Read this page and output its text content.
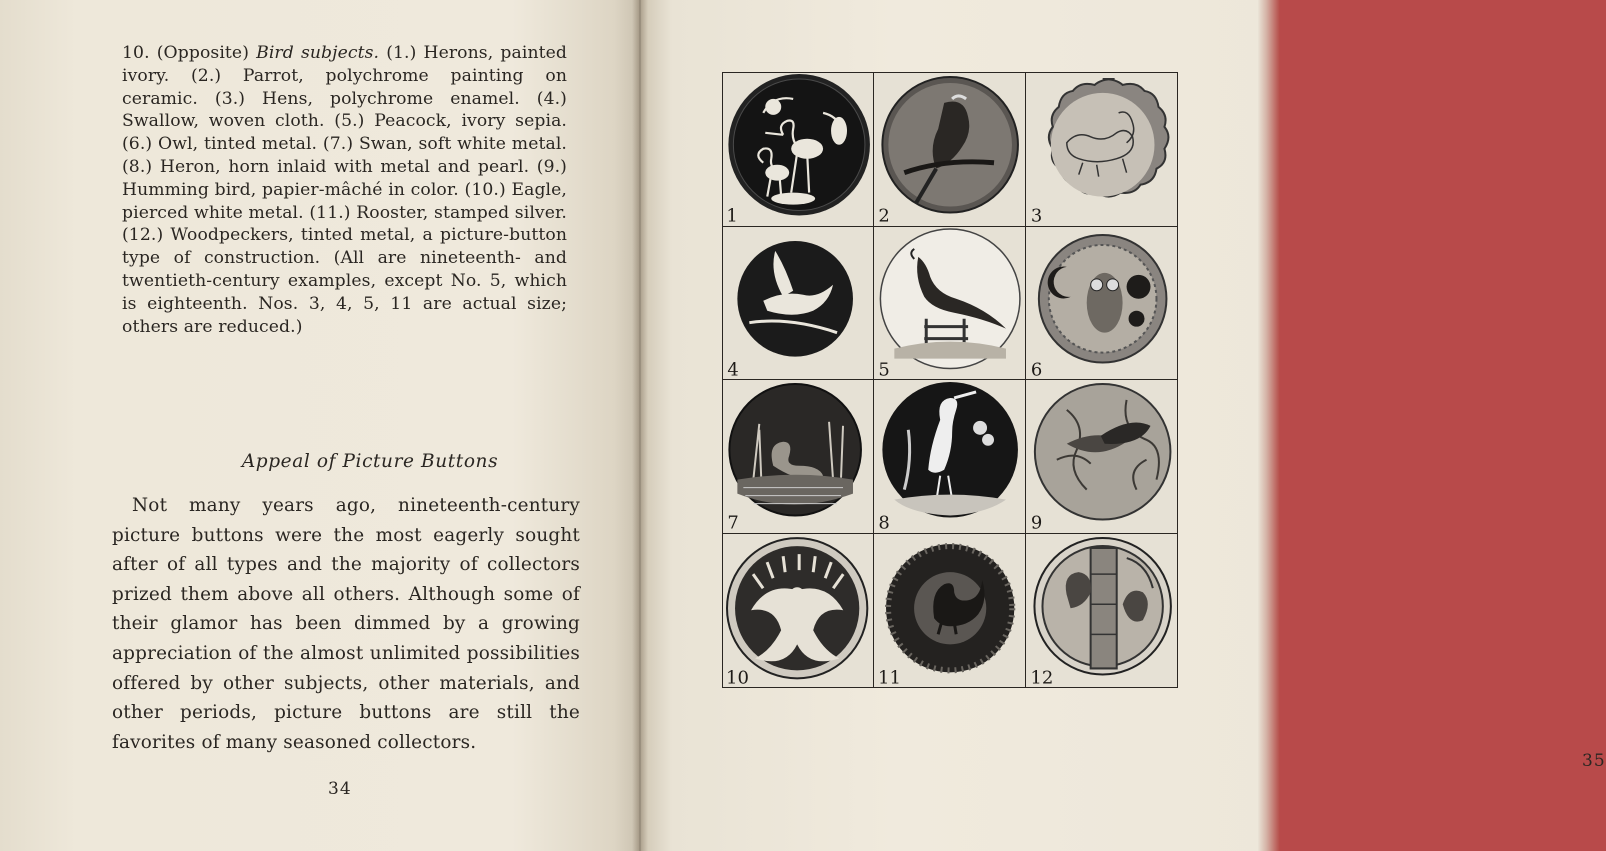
10. (Opposite) Bird subjects. (1.) Herons, painted ivory. (2.) Parrot, polychrome painting on ceramic. (3.) Hens, polychrome enamel. (4.) Swallow, woven cloth. (5.) Peacock, ivory sepia. (6.) Owl, tinted metal. (7.) Swan, soft white metal. (8.) Heron, horn inlaid with metal and pearl. (9.) Humming bird, papier-mâché in color. (10.) Eagle, pierced white metal. (11.) Rooster, stamped silver. (12.) Woodpeckers, tinted metal, a picture-button type of construction. (All are nineteenth- and twentieth-century examples, except No. 5, which is eighteenth. Nos. 3, 4, 5, 11 are actual size; others are reduced.)
Appeal of Picture Buttons
Not many years ago, nineteenth-century picture buttons were the most eagerly sought after of all types and the majority of collectors prized them above all others. Although some of their glamor has been dimmed by a growing appreciation of the almost unlimited possibilities offered by other subjects, other materials, and other periods, picture buttons are still the favorites of many seasoned collectors.
34
35
1	2	3
4	5	6
7	8	9
10	11	12
